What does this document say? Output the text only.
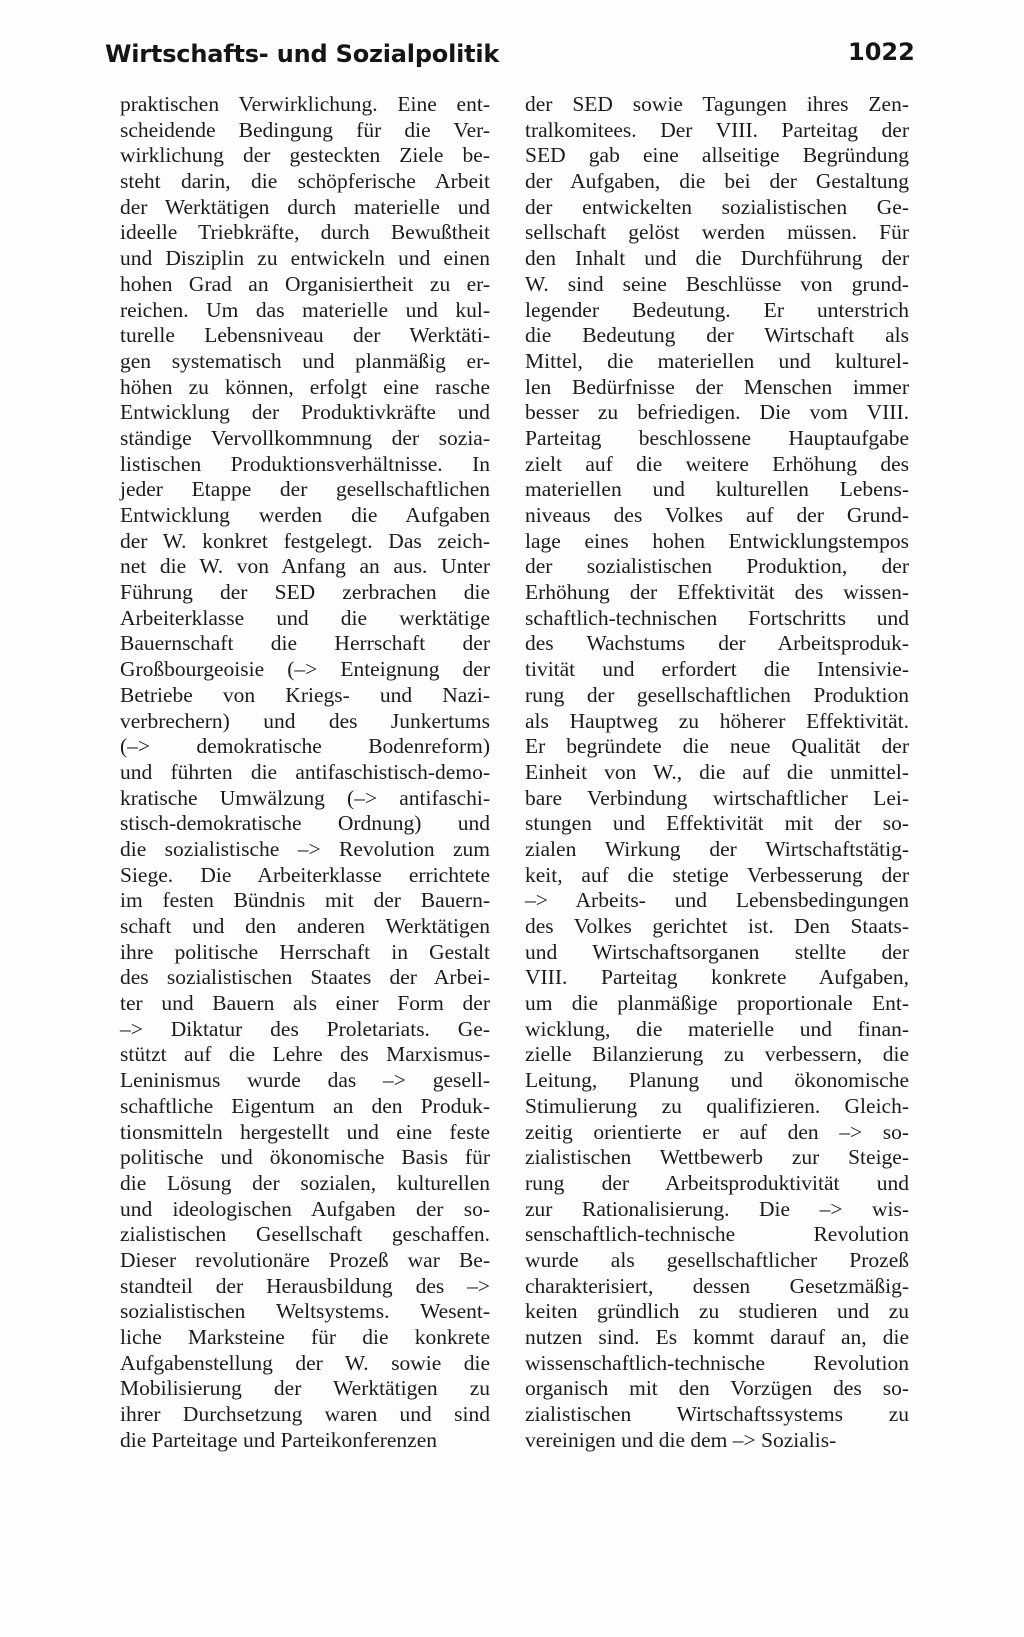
Wirtschafts- und Sozialpolitik	1022
praktischen Verwirklichung. Eine ent-
scheidende Bedingung für die Ver-
wirklichung der gesteckten Ziele be-
steht darin, die schöpferische Arbeit
der Werktätigen durch materielle und
ideelle Triebkräfte, durch Bewußtheit
und Disziplin zu entwickeln und einen
hohen Grad an Organisiertheit zu er-
reichen. Um das materielle und kul-
turelle Lebensniveau der Werktäti-
gen systematisch und planmäßig er-
höhen zu können, erfolgt eine rasche
Entwicklung der Produktivkräfte und
ständige Vervollkommnung der sozia-
listischen Produktionsverhältnisse. In
jeder Etappe der gesellschaftlichen
Entwicklung werden die Aufgaben
der W. konkret festgelegt. Das zeich-
net die W. von Anfang an aus. Unter
Führung der SED zerbrachen die
Arbeiterklasse und die werktätige
Bauernschaft die Herrschaft der
Großbourgeoisie (–> Enteignung der
Betriebe von Kriegs- und Nazi-
verbrechern) und des Junkertums
(–> demokratische Bodenreform)
und führten die antifaschistisch-demo-
kratische Umwälzung (–> antifaschi-
stisch-demokratische Ordnung) und
die sozialistische –> Revolution zum
Siege. Die Arbeiterklasse errichtete
im festen Bündnis mit der Bauern-
schaft und den anderen Werktätigen
ihre politische Herrschaft in Gestalt
des sozialistischen Staates der Arbei-
ter und Bauern als einer Form der
–> Diktatur des Proletariats. Ge-
stützt auf die Lehre des Marxismus-
Leninismus wurde das –> gesell-
schaftliche Eigentum an den Produk-
tionsmitteln hergestellt und eine feste
politische und ökonomische Basis für
die Lösung der sozialen, kulturellen
und ideologischen Aufgaben der so-
zialistischen Gesellschaft geschaffen.
Dieser revolutionäre Prozeß war Be-
standteil der Herausbildung des –>
sozialistischen Weltsystems. Wesent-
liche Marksteine für die konkrete
Aufgabenstellung der W. sowie die
Mobilisierung der Werktätigen zu
ihrer Durchsetzung waren und sind
die Parteitage und Parteikonferenzen
der SED sowie Tagungen ihres Zen-
tralkomitees. Der VIII. Parteitag der
SED gab eine allseitige Begründung
der Aufgaben, die bei der Gestaltung
der entwickelten sozialistischen Ge-
sellschaft gelöst werden müssen. Für
den Inhalt und die Durchführung der
W. sind seine Beschlüsse von grund-
legender Bedeutung. Er unterstrich
die Bedeutung der Wirtschaft als
Mittel, die materiellen und kulturel-
len Bedürfnisse der Menschen immer
besser zu befriedigen. Die vom VIII.
Parteitag beschlossene Hauptaufgabe
zielt auf die weitere Erhöhung des
materiellen und kulturellen Lebens-
niveaus des Volkes auf der Grund-
lage eines hohen Entwicklungstempos
der sozialistischen Produktion, der
Erhöhung der Effektivität des wissen-
schaftlich-technischen Fortschritts und
des Wachstums der Arbeitsproduk-
tivität und erfordert die Intensivie-
rung der gesellschaftlichen Produktion
als Hauptweg zu höherer Effektivität.
Er begründete die neue Qualität der
Einheit von W., die auf die unmittel-
bare Verbindung wirtschaftlicher Lei-
stungen und Effektivität mit der so-
zialen Wirkung der Wirtschaftstätig-
keit, auf die stetige Verbesserung der
–> Arbeits- und Lebensbedingungen
des Volkes gerichtet ist. Den Staats-
und Wirtschaftsorganen stellte der
VIII. Parteitag konkrete Aufgaben,
um die planmäßige proportionale Ent-
wicklung, die materielle und finan-
zielle Bilanzierung zu verbessern, die
Leitung, Planung und ökonomische
Stimulierung zu qualifizieren. Gleich-
zeitig orientierte er auf den –> so-
zialistischen Wettbewerb zur Steige-
rung der Arbeitsproduktivität und
zur Rationalisierung. Die –> wis-
senschaftlich-technische Revolution
wurde als gesellschaftlicher Prozeß
charakterisiert, dessen Gesetzmäßig-
keiten gründlich zu studieren und zu
nutzen sind. Es kommt darauf an, die
wissenschaftlich-technische Revolution
organisch mit den Vorzügen des so-
zialistischen Wirtschaftssystems zu
vereinigen und die dem –> Sozialis-
